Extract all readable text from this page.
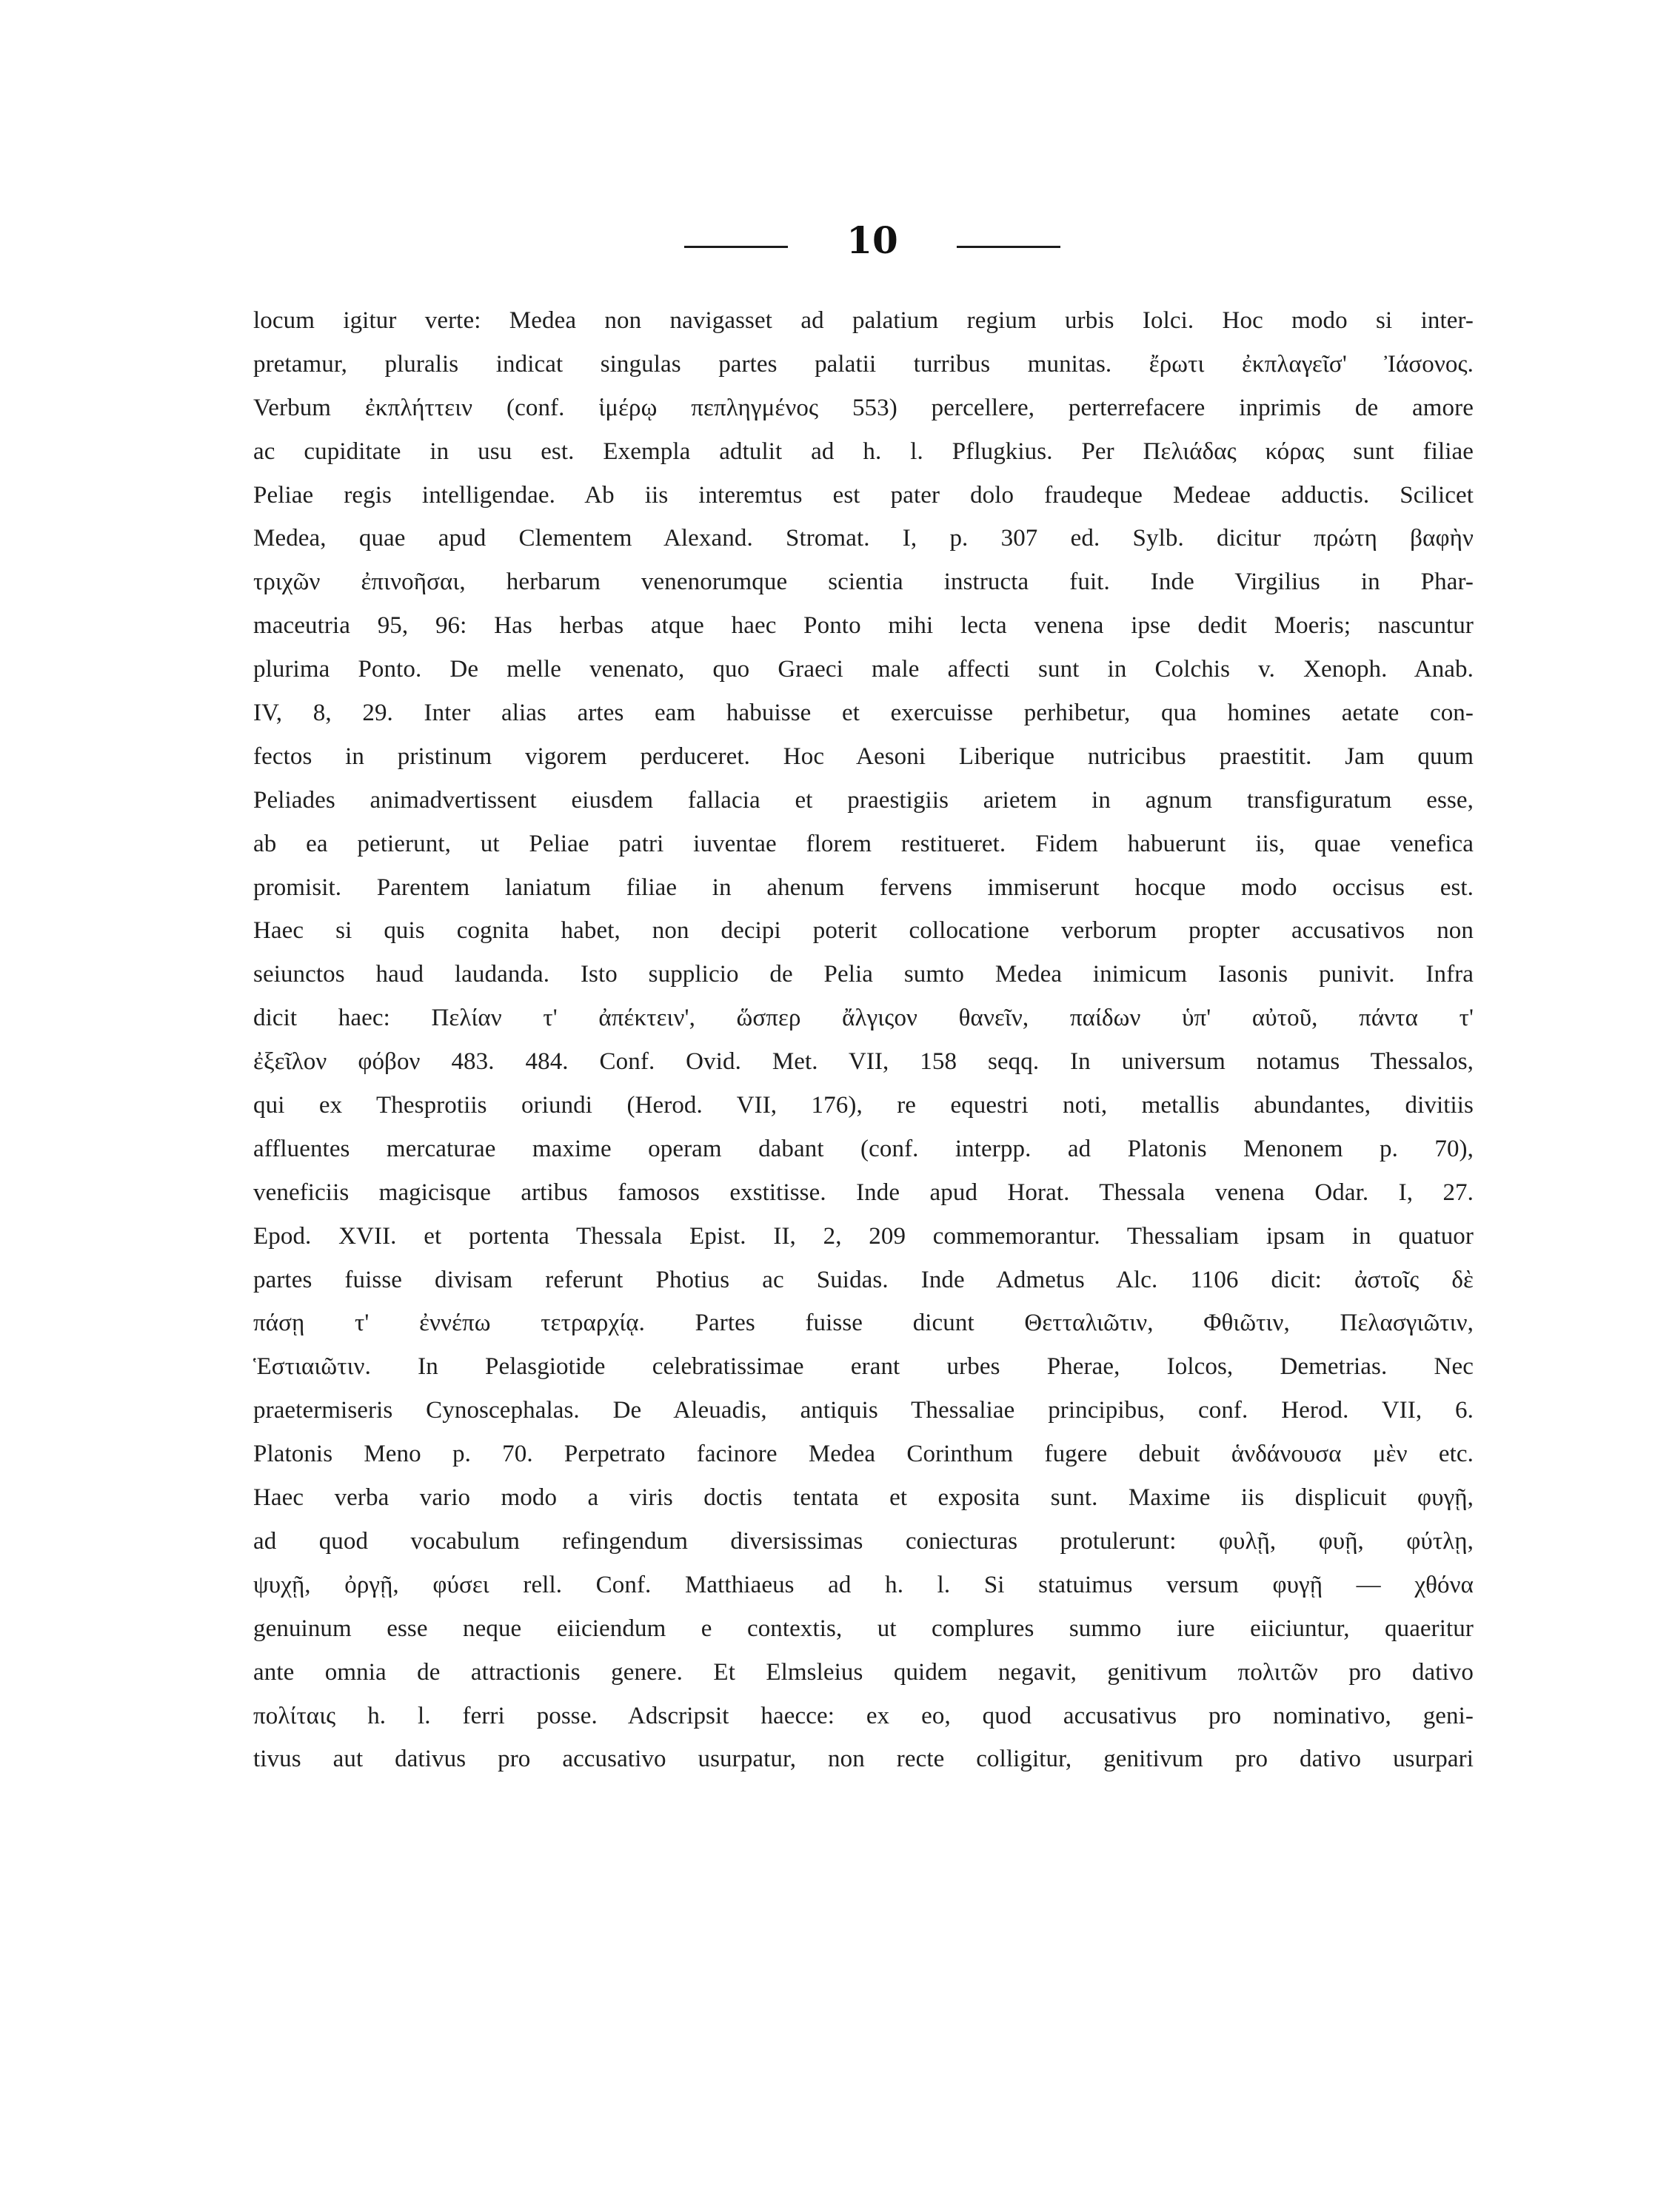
10
locum igitur verte: Medea non navigasset ad palatium regium urbis Iolci. Hoc modo si inter-
pretamur, pluralis indicat singulas partes palatii turribus munitas. ἔρωτι ἐκπλαγεῖσ' Ἰάσονος.
Verbum ἐκπλήττειν (conf. ἱμέρῳ πεπληγμένος 553) percellere, perterrefacere inprimis de amore
ac cupiditate in usu est. Exempla adtulit ad h. l. Pflugkius. Per Πελιάδας κόρας sunt filiae
Peliae regis intelligendae. Ab iis interemtus est pater dolo fraudeque Medeae adductis. Scilicet
Medea, quae apud Clementem Alexand. Stromat. I, p. 307 ed. Sylb. dicitur πρώτη βαφὴν
τριχῶν ἐπινοῆσαι, herbarum venenorumque scientia instructa fuit. Inde Virgilius in Phar-
maceutria 95, 96: Has herbas atque haec Ponto mihi lecta venena ipse dedit Moeris; nascuntur
plurima Ponto. De melle venenato, quo Graeci male affecti sunt in Colchis v. Xenoph. Anab.
IV, 8, 29. Inter alias artes eam habuisse et exercuisse perhibetur, qua homines aetate con-
fectos in pristinum vigorem perduceret. Hoc Aesoni Liberique nutricibus praestitit. Jam quum
Peliades animadvertissent eiusdem fallacia et praestigiis arietem in agnum transfiguratum esse,
ab ea petierunt, ut Peliae patri iuventae florem restitueret. Fidem habuerunt iis, quae venefica
promisit. Parentem laniatum filiae in ahenum fervens immiserunt hocque modo occisus est.
Haec si quis cognita habet, non decipi poterit collocatione verborum propter accusativos non
seiunctos haud laudanda. Isto supplicio de Pelia sumto Medea inimicum Iasonis punivit. Infra
dicit haec: Πελίαν τ' ἀπέκτειν', ὥσπερ ἄλγιςον θανεῖν, παίδων ὑπ' αὐτοῦ, πάντα τ'
ἐξεῖλον φόβον 483. 484. Conf. Ovid. Met. VII, 158 seqq. In universum notamus Thessalos,
qui ex Thesprotiis oriundi (Herod. VII, 176), re equestri noti, metallis abundantes, divitiis
affluentes mercaturae maxime operam dabant (conf. interpp. ad Platonis Menonem p. 70),
veneficiis magicisque artibus famosos exstitisse. Inde apud Horat. Thessala venena Odar. I, 27.
Epod. XVII. et portenta Thessala Epist. II, 2, 209 commemorantur. Thessaliam ipsam in quatuor
partes fuisse divisam referunt Photius ac Suidas. Inde Admetus Alc. 1106 dicit: ἀστοῖς δὲ
πάσῃ τ' ἐννέπω τετραρχίᾳ. Partes fuisse dicunt Θετταλιῶτιν, Φθιῶτιν, Πελασγιῶτιν,
Ἑστιαιῶτιν. In Pelasgiotide celebratissimae erant urbes Pherae, Iolcos, Demetrias. Nec
praetermiseris Cynoscephalas. De Aleuadis, antiquis Thessaliae principibus, conf. Herod. VII, 6.
Platonis Meno p. 70. Perpetrato facinore Medea Corinthum fugere debuit ἁνδάνουσα μὲν etc.
Haec verba vario modo a viris doctis tentata et exposita sunt. Maxime iis displicuit φυγῇ,
ad quod vocabulum refingendum diversissimas coniecturas protulerunt: φυλῇ, φυῇ, φύτλῃ,
ψυχῇ, ὀργῇ, φύσει rell. Conf. Matthiaeus ad h. l. Si statuimus versum φυγῇ — χθόνα
genuinum esse neque eiiciendum e contextis, ut complures summo iure eiiciuntur, quaeritur
ante omnia de attractionis genere. Et Elmsleius quidem negavit, genitivum πολιτῶν pro dativo
πολίταις h. l. ferri posse. Adscripsit haecce: ex eo, quod accusativus pro nominativo, geni-
tivus aut dativus pro accusativo usurpatur, non recte colligitur, genitivum pro dativo usurpari
